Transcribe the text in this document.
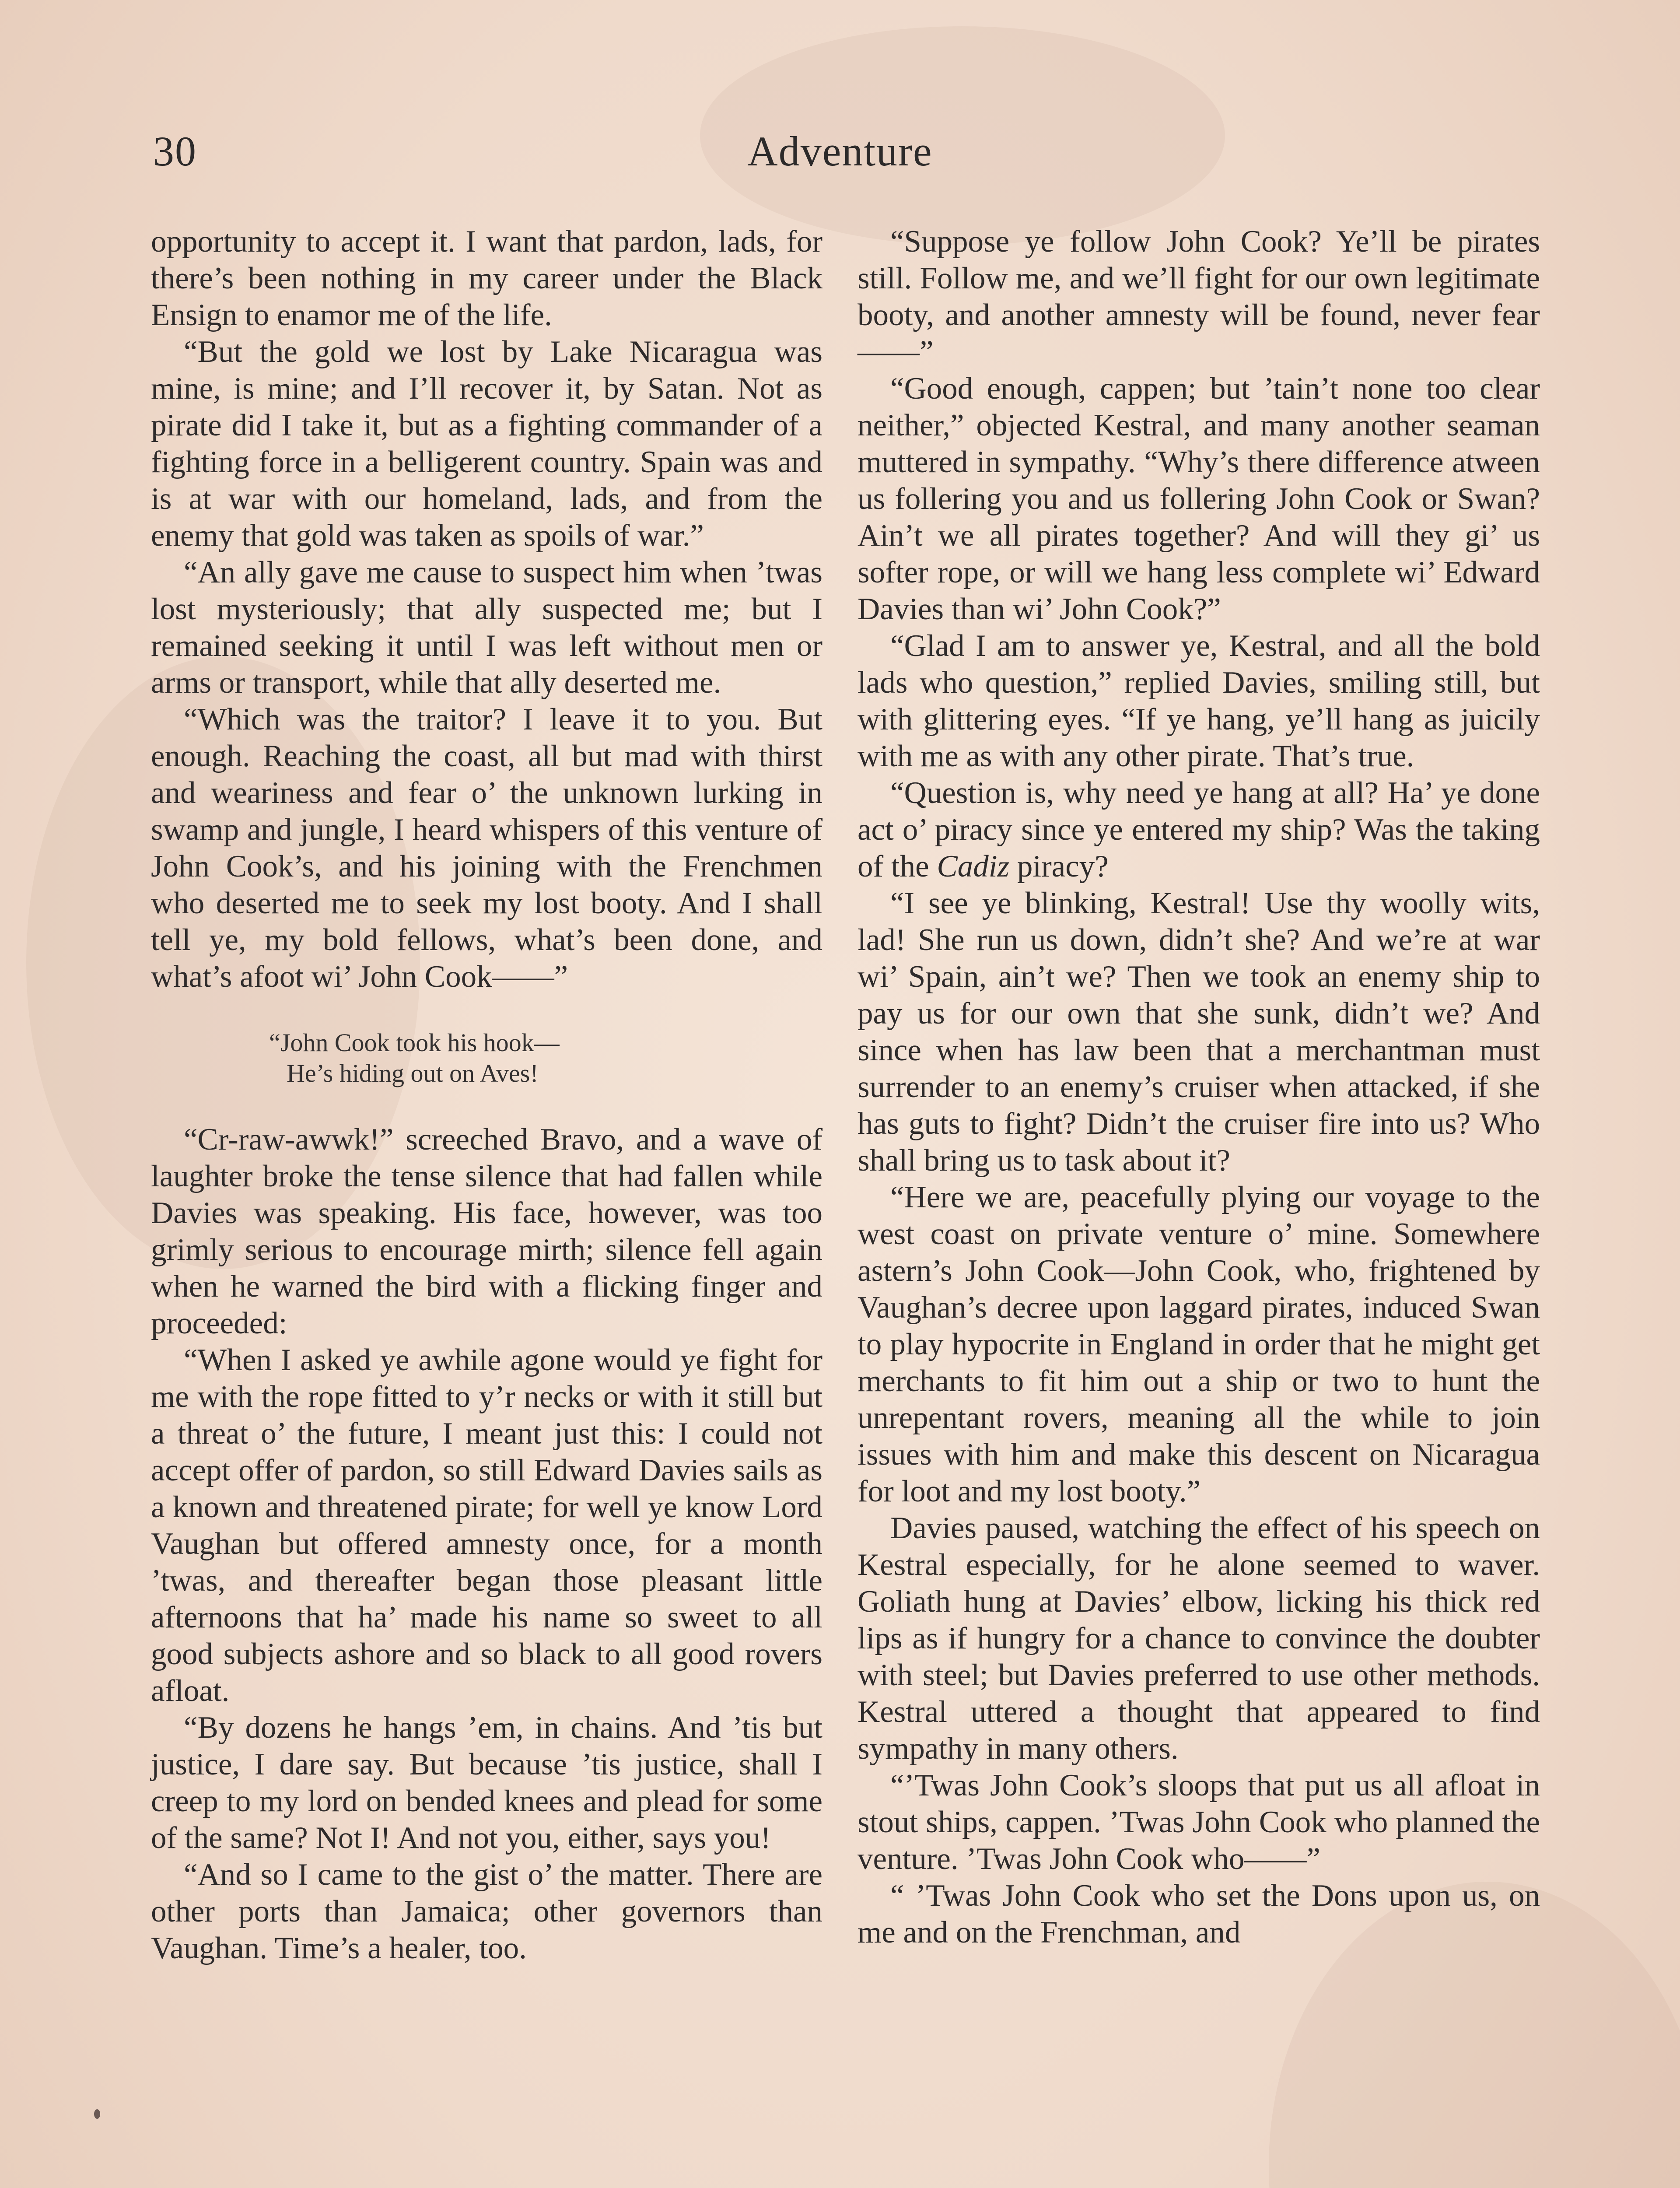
30	Adventure

opportunity to accept it. I want that pardon, lads, for there’s been nothing in my career under the Black Ensign to enamor me of the life.

“But the gold we lost by Lake Nicaragua was mine, is mine; and I’ll recover it, by Satan. Not as pirate did I take it, but as a fighting commander of a fighting force in a belligerent country. Spain was and is at war with our homeland, lads, and from the enemy that gold was taken as spoils of war.”

“An ally gave me cause to suspect him when ’twas lost mysteriously; that ally suspected me; but I remained seeking it until I was left without men or arms or transport, while that ally deserted me.

“Which was the traitor? I leave it to you. But enough. Reaching the coast, all but mad with thirst and weariness and fear o’ the unknown lurking in swamp and jungle, I heard whispers of this venture of John Cook’s, and his joining with the Frenchmen who deserted me to seek my lost booty. And I shall tell ye, my bold fellows, what’s been done, and what’s afoot wi’ John Cook——”

“John Cook took his hook—
He’s hiding out on Aves!

“Cr-raw-awwk!” screeched Bravo, and a wave of laughter broke the tense silence that had fallen while Davies was speaking. His face, however, was too grimly serious to encourage mirth; silence fell again when he warned the bird with a flicking finger and proceeded:

“When I asked ye awhile agone would ye fight for me with the rope fitted to y’r necks or with it still but a threat o’ the future, I meant just this: I could not accept offer of pardon, so still Edward Davies sails as a known and threatened pirate; for well ye know Lord Vaughan but offered amnesty once, for a month ’twas, and thereafter began those pleasant little afternoons that ha’ made his name so sweet to all good subjects ashore and so black to all good rovers afloat.

“By dozens he hangs ’em, in chains. And ’tis but justice, I dare say. But because ’tis justice, shall I creep to my lord on bended knees and plead for some of the same? Not I! And not you, either, says you!

“And so I came to the gist o’ the matter. There are other ports than Jamaica; other governors than Vaughan. Time’s a healer, too.

“Suppose ye follow John Cook? Ye’ll be pirates still. Follow me, and we’ll fight for our own legitimate booty, and another amnesty will be found, never fear——”

“Good enough, cappen; but ’tain’t none too clear neither,” objected Kestral, and many another seaman muttered in sympathy. “Why’s there difference atween us follering you and us follering John Cook or Swan? Ain’t we all pirates together? And will they gi’ us softer rope, or will we hang less complete wi’ Edward Davies than wi’ John Cook?”

“Glad I am to answer ye, Kestral, and all the bold lads who question,” replied Davies, smiling still, but with glittering eyes. “If ye hang, ye’ll hang as juicily with me as with any other pirate. That’s true.

“Question is, why need ye hang at all? Ha’ ye done act o’ piracy since ye entered my ship? Was the taking of the Cadiz piracy?

“I see ye blinking, Kestral! Use thy woolly wits, lad! She run us down, didn’t she? And we’re at war wi’ Spain, ain’t we? Then we took an enemy ship to pay us for our own that she sunk, didn’t we? And since when has law been that a merchantman must surrender to an enemy’s cruiser when attacked, if she has guts to fight? Didn’t the cruiser fire into us? Who shall bring us to task about it?

“Here we are, peacefully plying our voyage to the west coast on private venture o’ mine. Somewhere astern’s John Cook—John Cook, who, frightened by Vaughan’s decree upon laggard pirates, induced Swan to play hypocrite in England in order that he might get merchants to fit him out a ship or two to hunt the unrepentant rovers, meaning all the while to join issues with him and make this descent on Nicaragua for loot and my lost booty.”

Davies paused, watching the effect of his speech on Kestral especially, for he alone seemed to waver. Goliath hung at Davies’ elbow, licking his thick red lips as if hungry for a chance to convince the doubter with steel; but Davies preferred to use other methods. Kestral uttered a thought that appeared to find sympathy in many others.

“’Twas John Cook’s sloops that put us all afloat in stout ships, cappen. ’Twas John Cook who planned the venture. ’Twas John Cook who——”

“ ’Twas John Cook who set the Dons upon us, on me and on the Frenchman, and
